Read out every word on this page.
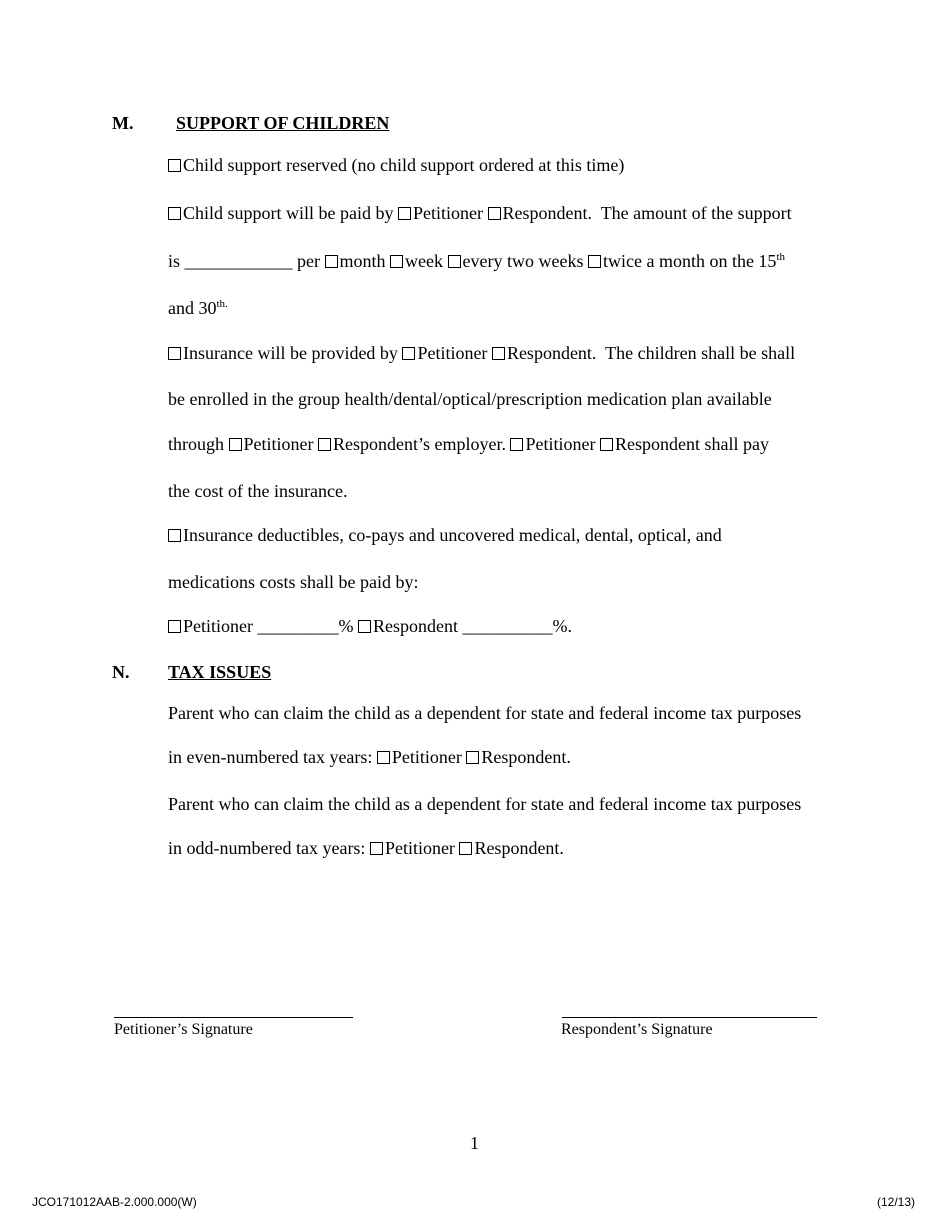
M. SUPPORT OF CHILDREN
Child support reserved (no child support ordered at this time)
Child support will be paid by Petitioner Respondent. The amount of the support
is ____________ per month week every two weeks twice a month on the 15th
and $30^{th.}$
Insurance will be provided by Petitioner Respondent. The children shall be shall
be enrolled in the group health/dental/optical/prescription medication plan available
through Petitioner Respondent’s employer. Petitioner Respondent shall pay
the cost of the insurance.
Insurance deductibles, co-pays and uncovered medical, dental, optical, and
medications costs shall be paid by:
Petitioner _________% Respondent __________%.
N. TAX ISSUES
Parent who can claim the child as a dependent for state and federal income tax purposes
in even-numbered tax years: Petitioner Respondent.
Parent who can claim the child as a dependent for state and federal income tax purposes
in odd-numbered tax years: Petitioner Respondent.
Petitioner’s Signature	Respondent’s Signature
1
JCO171012AAB-2.000.000(W)	(12/13)
